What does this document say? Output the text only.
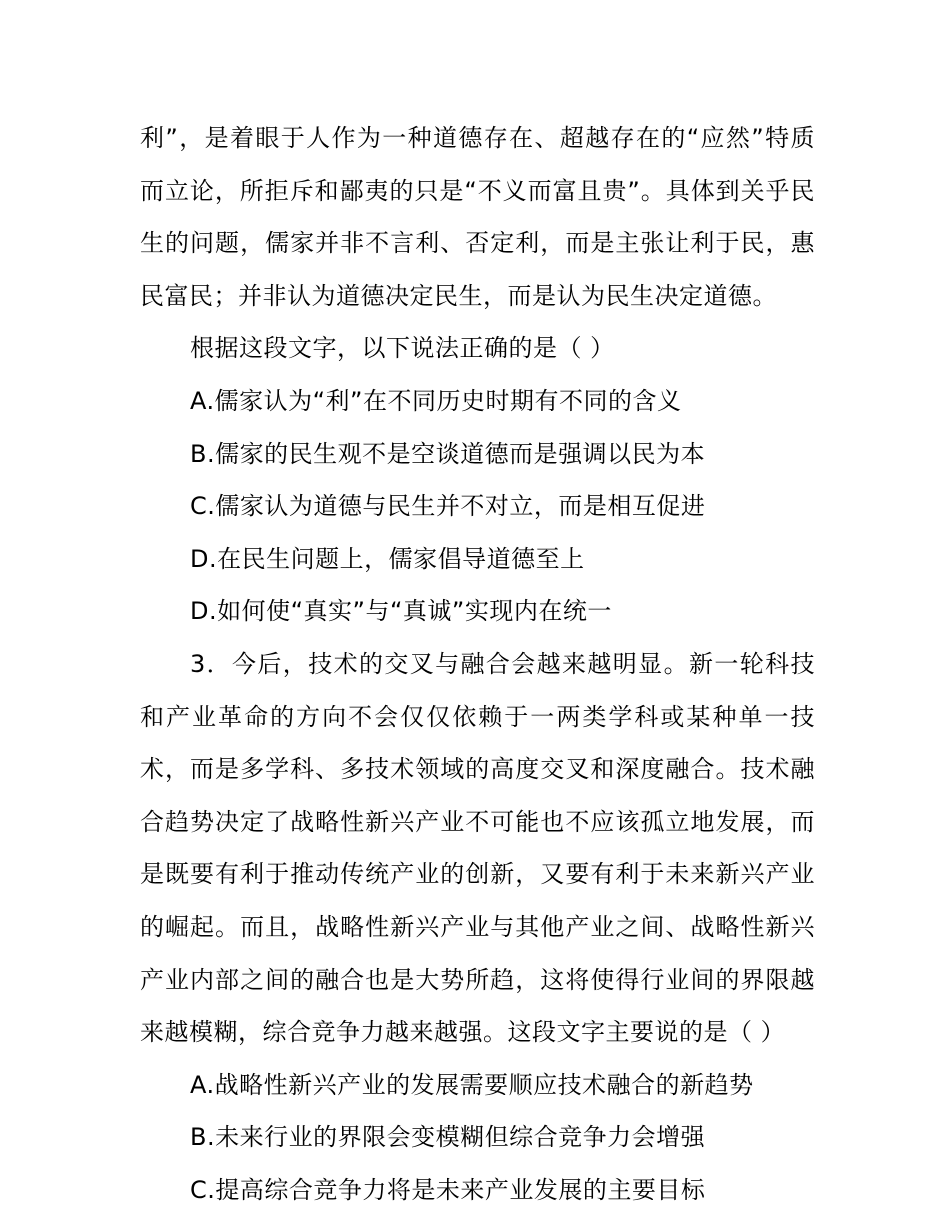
利”，是着眼于人作为一种道德存在、超越存在的“应然”特质而立论，所拒斥和鄙夷的只是“不义而富且贵”。具体到关乎民生的问题，儒家并非不言利、否定利，而是主张让利于民，惠民富民；并非认为道德决定民生，而是认为民生决定道德。

根据这段文字，以下说法正确的是（ ）

A.儒家认为“利”在不同历史时期有不同的含义

B.儒家的民生观不是空谈道德而是强调以民为本

C.儒家认为道德与民生并不对立，而是相互促进

D.在民生问题上，儒家倡导道德至上

D.如何使“真实”与“真诚”实现内在统一

3．今后，技术的交叉与融合会越来越明显。新一轮科技和产业革命的方向不会仅仅依赖于一两类学科或某种单一技术，而是多学科、多技术领域的高度交叉和深度融合。技术融合趋势决定了战略性新兴产业不可能也不应该孤立地发展，而是既要有利于推动传统产业的创新，又要有利于未来新兴产业的崛起。而且，战略性新兴产业与其他产业之间、战略性新兴产业内部之间的融合也是大势所趋，这将使得行业间的界限越来越模糊，综合竞争力越来越强。这段文字主要说的是（ ）

A.战略性新兴产业的发展需要顺应技术融合的新趋势

B.未来行业的界限会变模糊但综合竞争力会增强

C.提高综合竞争力将是未来产业发展的主要目标
